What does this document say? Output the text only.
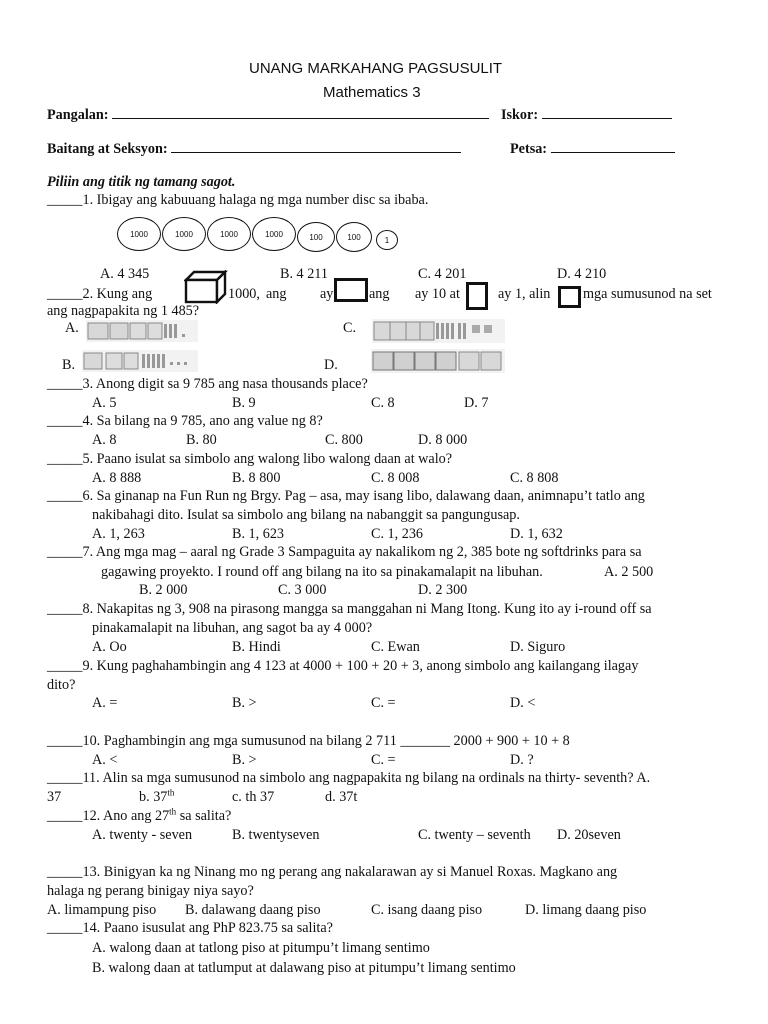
UNANG MARKAHANG PAGSUSULIT
Mathematics 3
Pangalan:	Iskor:
Baitang at Seksyon:	Petsa:
Piliin ang titik ng tamang sagot.
_____1. Ibigay ang kabuuang halaga ng mga number disc sa ibaba.
1000	1000	1000	1000	100	100	1
A. 4 345	B. 4 211	C. 4 201	D. 4 210
_____2. Kung ang	1000, ang ay	ang ay 10 at	ay 1, alin mga sumusunod na set
ang nagpapakita ng 1 485?
A.	C.
B.	D.
_____3. Anong digit sa 9 785 ang nasa thousands place?
A. 5	B. 9	C. 8	D. 7
_____4. Sa bilang na 9 785, ano ang value ng 8?
A. 8	B. 80	C. 800	D. 8 000
_____5. Paano isulat sa simbolo ang walong libo walong daan at walo?
A. 8 888	B. 8 800	C. 8 008	C. 8 808
_____6. Sa ginanap na Fun Run ng Brgy. Pag – asa, may isang libo, dalawang daan, animnapu’t tatlo ang
nakibahagi dito. Isulat sa simbolo ang bilang na nabanggit sa pangungusap.
A. 1, 263	B. 1, 623	C. 1, 236	D. 1, 632
_____7. Ang mga mag – aaral ng Grade 3 Sampaguita ay nakalikom ng 2, 385 bote ng softdrinks para sa
gagawing proyekto. I round off ang bilang na ito sa pinakamalapit na libuhan.	A. 2 500
B. 2 000	C. 3 000	D. 2 300
_____8. Nakapitas ng 3, 908 na pirasong mangga sa manggahan ni Mang Itong. Kung ito ay i-round off sa
pinakamalapit na libuhan, ang sagot ba ay 4 000?
A. Oo	B. Hindi	C. Ewan	D. Siguro
_____9. Kung paghahambingin ang 4 123 at 4000 + 100 + 20 + 3, anong simbolo ang kailangang ilagay
dito?
A. =	B. >	C. =	D. <
_____10. Paghambingin ang mga sumusunod na bilang 2 711 _______ 2000 + 900 + 10 + 8
A. <	B. >	C. =	D. ?
_____11. Alin sa mga sumusunod na simbolo ang nagpapakita ng bilang na ordinals na thirty- seventh? A.
37	b. 37th	c. th 37	d. 37t
_____12. Ano ang 27th sa salita?
A. twenty - seven	B. twentyseven	C. twenty – seventh D. 20seven
_____13. Binigyan ka ng Ninang mo ng perang ang nakalarawan ay si Manuel Roxas. Magkano ang
halaga ng perang binigay niya sayo?
A. limampung piso B. dalawang daang piso	C. isang daang piso	D. limang daang piso
_____14. Paano isusulat ang PhP 823.75 sa salita?
A. walong daan at tatlong piso at pitumpu’t limang sentimo
B. walong daan at tatlumput at dalawang piso at pitumpu’t limang sentimo
